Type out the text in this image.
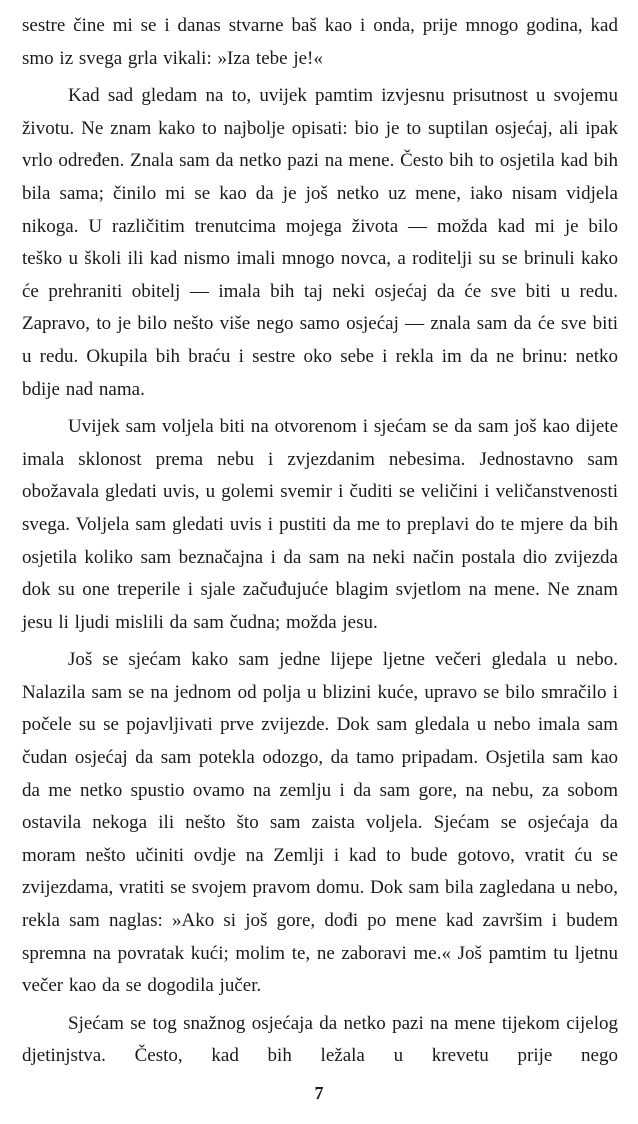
sestre čine mi se i danas stvarne baš kao i onda, prije mnogo godina, kad smo iz svega grla vikali: »Iza tebe je!«

Kad sad gledam na to, uvijek pamtim izvjesnu prisutnost u svojemu životu. Ne znam kako to najbolje opisati: bio je to suptilan osjećaj, ali ipak vrlo određen. Znala sam da netko pazi na mene. Često bih to osjetila kad bih bila sama; činilo mi se kao da je još netko uz mene, iako nisam vidjela nikoga. U različitim trenutcima mojega života — možda kad mi je bilo teško u školi ili kad nismo imali mnogo novca, a roditelji su se brinuli kako će prehraniti obitelj — imala bih taj neki osjećaj da će sve biti u redu. Zapravo, to je bilo nešto više nego samo osjećaj — znala sam da će sve biti u redu. Okupila bih braću i sestre oko sebe i rekla im da ne brinu: netko bdije nad nama.

Uvijek sam voljela biti na otvorenom i sjećam se da sam još kao dijete imala sklonost prema nebu i zvjezdanim nebesima. Jednostavno sam obožavala gledati uvis, u golemi svemir i čuditi se veličini i veličanstvenosti svega. Voljela sam gledati uvis i pustiti da me to preplavi do te mjere da bih osjetila koliko sam beznačajna i da sam na neki način postala dio zvijezda dok su one treperile i sjale začuđujuće blagim svjetlom na mene. Ne znam jesu li ljudi mislili da sam čudna; možda jesu.

Još se sjećam kako sam jedne lijepe ljetne večeri gledala u nebo. Nalazila sam se na jednom od polja u blizini kuće, upravo se bilo smračilo i počele su se pojavljivati prve zvijezde. Dok sam gledala u nebo imala sam čudan osjećaj da sam potekla odozgo, da tamo pripadam. Osjetila sam kao da me netko spustio ovamo na zemlju i da sam gore, na nebu, za sobom ostavila nekoga ili nešto što sam zaista voljela. Sjećam se osjećaja da moram nešto učiniti ovdje na Zemlji i kad to bude gotovo, vratit ću se zvijezdama, vratiti se svojem pravom domu. Dok sam bila zagledana u nebo, rekla sam naglas: »Ako si još gore, dođi po mene kad završim i budem spremna na povratak kući; molim te, ne zaboravi me.« Još pamtim tu ljetnu večer kao da se dogodila jučer.

Sjećam se tog snažnog osjećaja da netko pazi na mene tijekom cijelog djetinjstva. Često, kad bih ležala u krevetu prije nego

7
